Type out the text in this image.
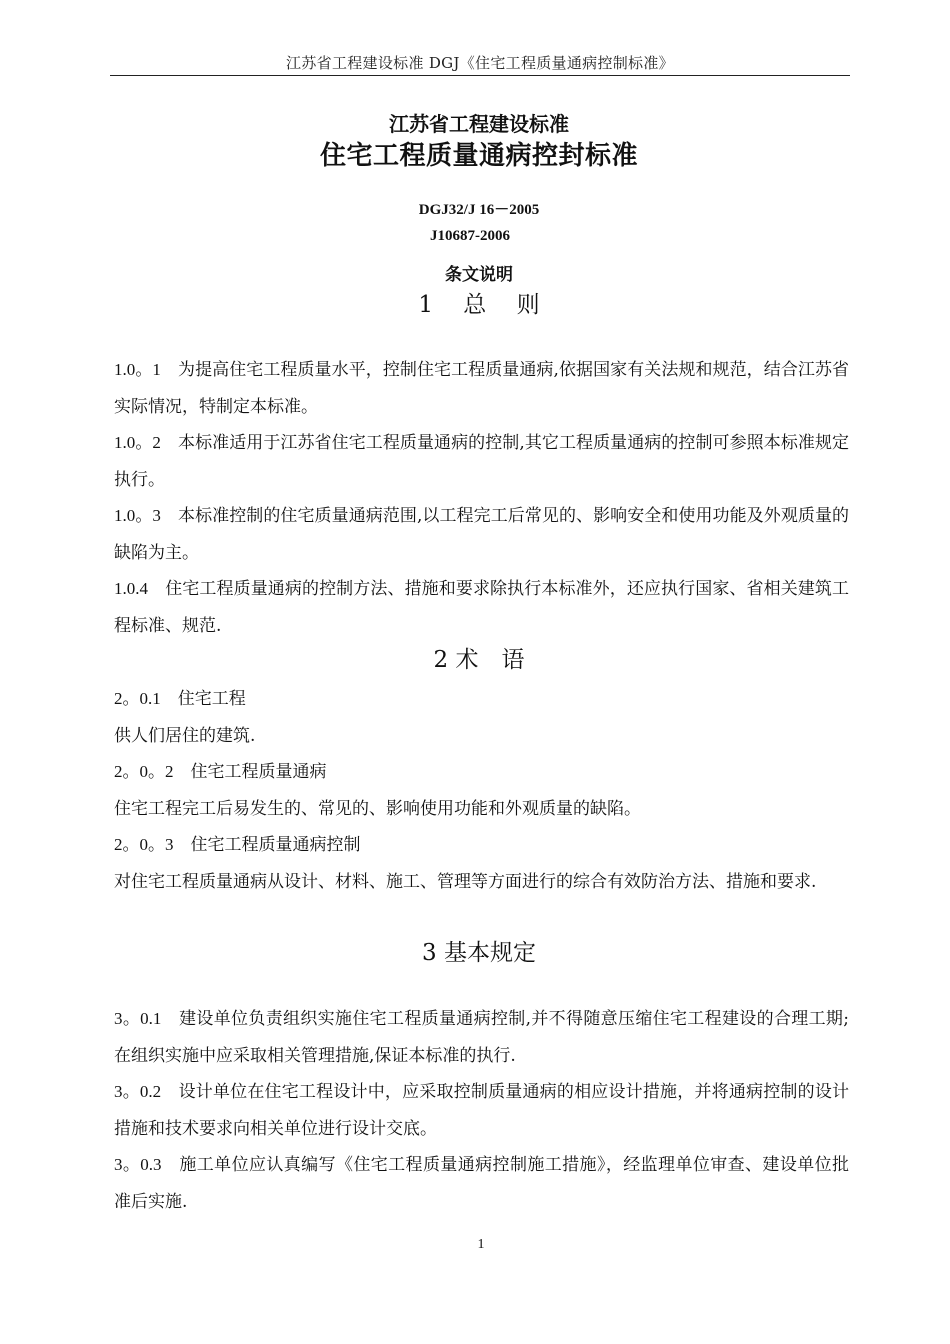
江苏省工程建设标准 DGJ《住宅工程质量通病控制标准》
江苏省工程建设标准
住宅工程质量通病控封标准
DGJ32/J 16－2005
J10687-2006
条文说明
1　 总　 则

1.0。1　 为提高住宅工程质量水平，控制住宅工程质量通病,依据国家有关法规和规范，结合江苏省实际情况，特制定本标准。

1.0。2　 本标准适用于江苏省住宅工程质量通病的控制,其它工程质量通病的控制可参照本标准规定执行。

1.0。3　 本标准控制的住宅质量通病范围,以工程完工后常见的、影响安全和使用功能及外观质量的缺陷为主。

1.0.4　 住宅工程质量通病的控制方法、措施和要求除执行本标准外，还应执行国家、省相关建筑工程标准、规范.

2 术　语

2。0.1　 住宅工程

供人们居住的建筑.

2。0。2　 住宅工程质量通病

住宅工程完工后易发生的、常见的、影响使用功能和外观质量的缺陷。

2。0。3　 住宅工程质量通病控制

对住宅工程质量通病从设计、材料、施工、管理等方面进行的综合有效防治方法、措施和要求.

3 基本规定

3。0.1　 建设单位负责组织实施住宅工程质量通病控制,并不得随意压缩住宅工程建设的合理工期;在组织实施中应采取相关管理措施,保证本标准的执行.

3。0.2　 设计单位在住宅工程设计中，应采取控制质量通病的相应设计措施，并将通病控制的设计措施和技术要求向相关单位进行设计交底。

3。0.3　 施工单位应认真编写《住宅工程质量通病控制施工措施》，经监理单位审查、建设单位批准后实施.

1
